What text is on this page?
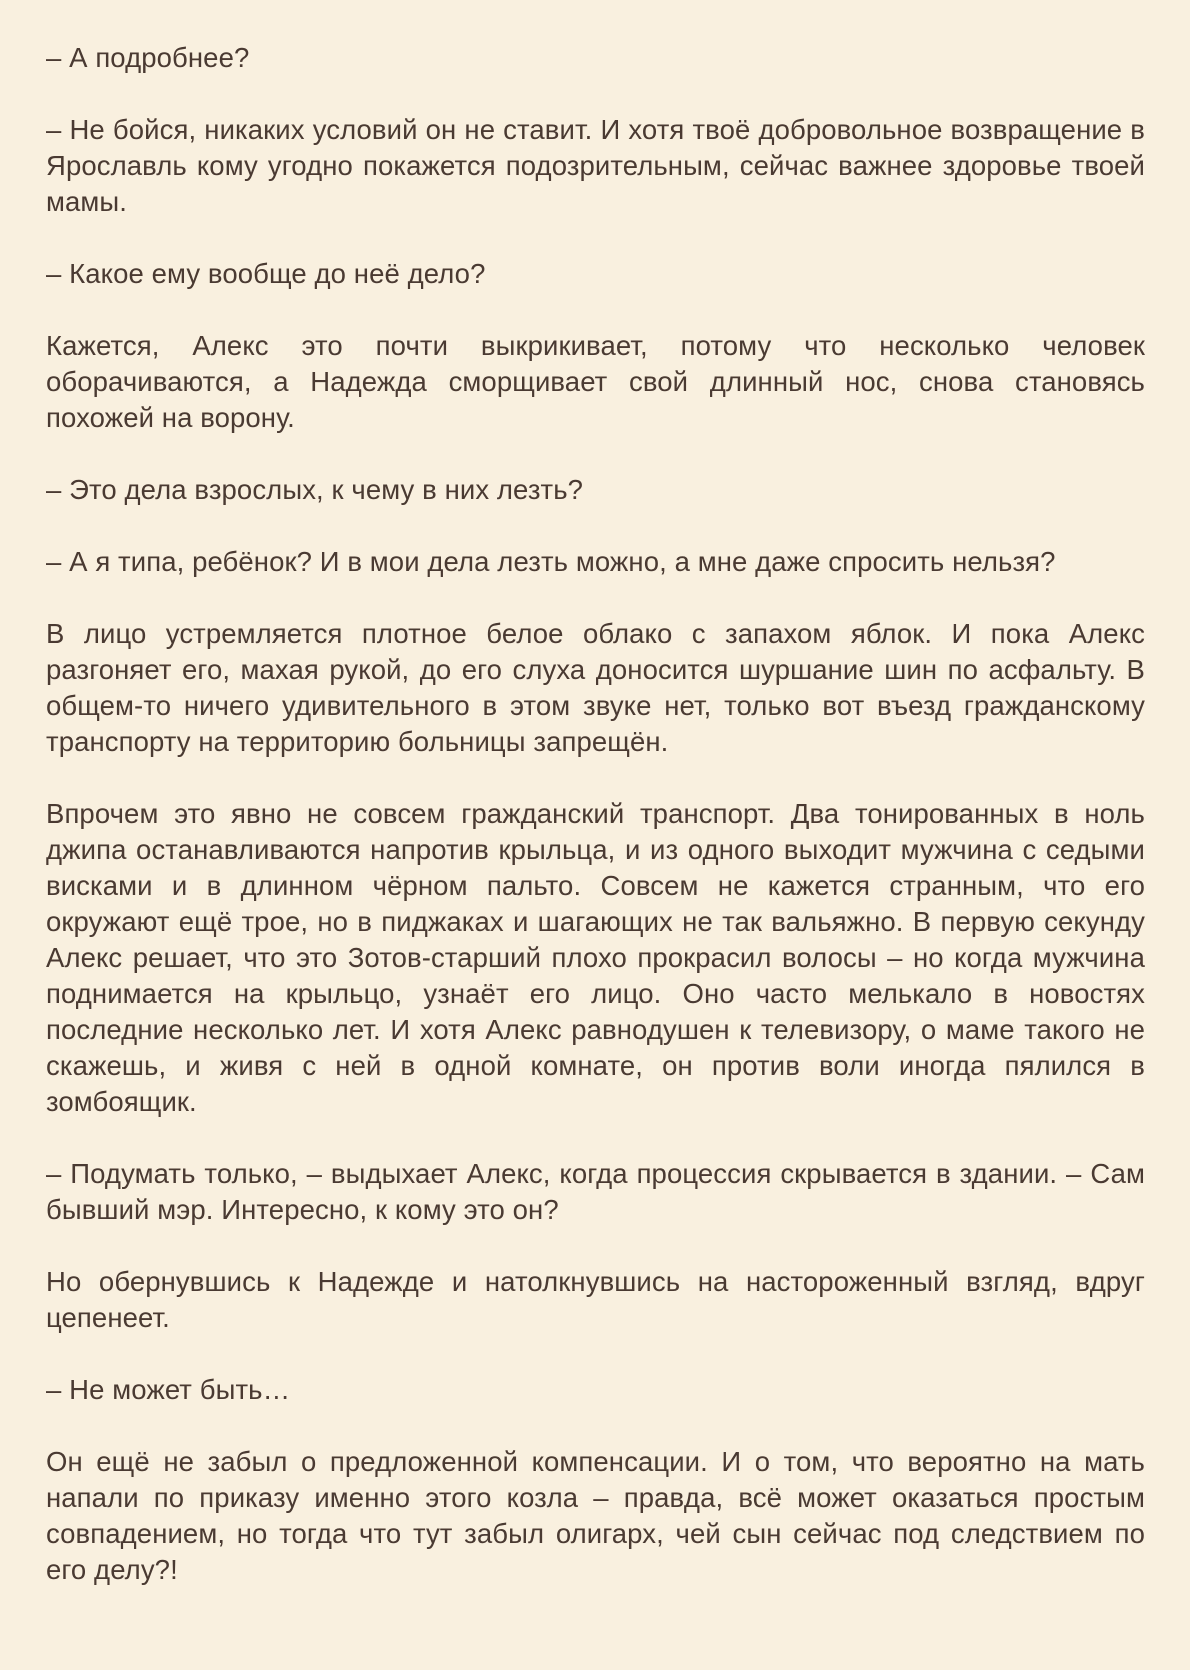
– А подробнее?

– Не бойся, никаких условий он не ставит. И хотя твоё добровольное возвращение в Ярославль кому угодно покажется подозрительным, сейчас важнее здоровье твоей мамы.

– Какое ему вообще до неё дело?

Кажется, Алекс это почти выкрикивает, потому что несколько человек оборачиваются, а Надежда сморщивает свой длинный нос, снова становясь похожей на ворону.

– Это дела взрослых, к чему в них лезть?

– А я типа, ребёнок? И в мои дела лезть можно, а мне даже спросить нельзя?

В лицо устремляется плотное белое облако с запахом яблок. И пока Алекс разгоняет его, махая рукой, до его слуха доносится шуршание шин по асфальту. В общем-то ничего удивительного в этом звуке нет, только вот въезд гражданскому транспорту на территорию больницы запрещён.

Впрочем это явно не совсем гражданский транспорт. Два тонированных в ноль джипа останавливаются напротив крыльца, и из одного выходит мужчина с седыми висками и в длинном чёрном пальто. Совсем не кажется странным, что его окружают ещё трое, но в пиджаках и шагающих не так вальяжно. В первую секунду Алекс решает, что это Зотов-старший плохо прокрасил волосы – но когда мужчина поднимается на крыльцо, узнаёт его лицо. Оно часто мелькало в новостях последние несколько лет. И хотя Алекс равнодушен к телевизору, о маме такого не скажешь, и живя с ней в одной комнате, он против воли иногда пялился в зомбоящик.

– Подумать только, – выдыхает Алекс, когда процессия скрывается в здании. – Сам бывший мэр. Интересно, к кому это он?

Но обернувшись к Надежде и натолкнувшись на настороженный взгляд, вдруг цепенеет.

– Не может быть…

Он ещё не забыл о предложенной компенсации. И о том, что вероятно на мать напали по приказу именно этого козла – правда, всё может оказаться простым совпадением, но тогда что тут забыл олигарх, чей сын сейчас под следствием по его делу?!
